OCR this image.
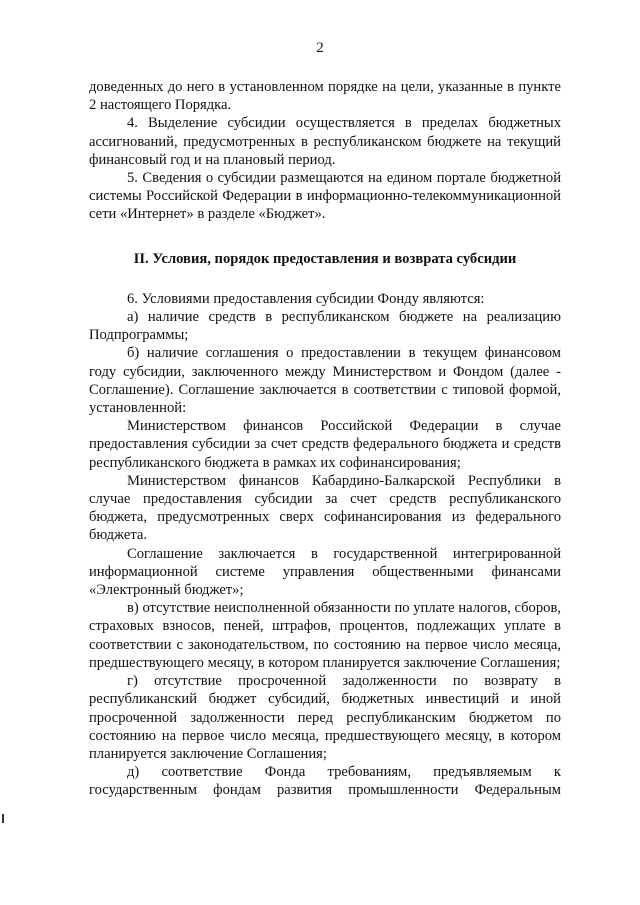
2

доведенных до него в установленном порядке на цели, указанные в пункте 2 настоящего Порядка.

4. Выделение субсидии осуществляется в пределах бюджетных ассигнований, предусмотренных в республиканском бюджете на текущий финансовый год и на плановый период.

5. Сведения о субсидии размещаются на едином портале бюджетной системы Российской Федерации в информационно-телекоммуникационной сети «Интернет» в разделе «Бюджет».

II. Условия, порядок предоставления и возврата субсидии

6. Условиями предоставления субсидии Фонду являются:

а) наличие средств в республиканском бюджете на реализацию Подпрограммы;

б) наличие соглашения о предоставлении в текущем финансовом году субсидии, заключенного между Министерством и Фондом (далее - Соглашение). Соглашение заключается в соответствии с типовой формой, установленной:

Министерством финансов Российской Федерации в случае предоставления субсидии за счет средств федерального бюджета и средств республиканского бюджета в рамках их софинансирования;

Министерством финансов Кабардино-Балкарской Республики в случае предоставления субсидии за счет средств республиканского бюджета, предусмотренных сверх софинансирования из федерального бюджета.

Соглашение заключается в государственной интегрированной информационной системе управления общественными финансами «Электронный бюджет»;

в) отсутствие неисполненной обязанности по уплате налогов, сборов, страховых взносов, пеней, штрафов, процентов, подлежащих уплате в соответствии с законодательством, по состоянию на первое число месяца, предшествующего месяцу, в котором планируется заключение Соглашения;

г) отсутствие просроченной задолженности по возврату в республиканский бюджет субсидий, бюджетных инвестиций и иной просроченной задолженности перед республиканским бюджетом по состоянию на первое число месяца, предшествующего месяцу, в котором планируется заключение Соглашения;

д) соответствие Фонда требованиям, предъявляемым к государственным фондам развития промышленности Федеральным
